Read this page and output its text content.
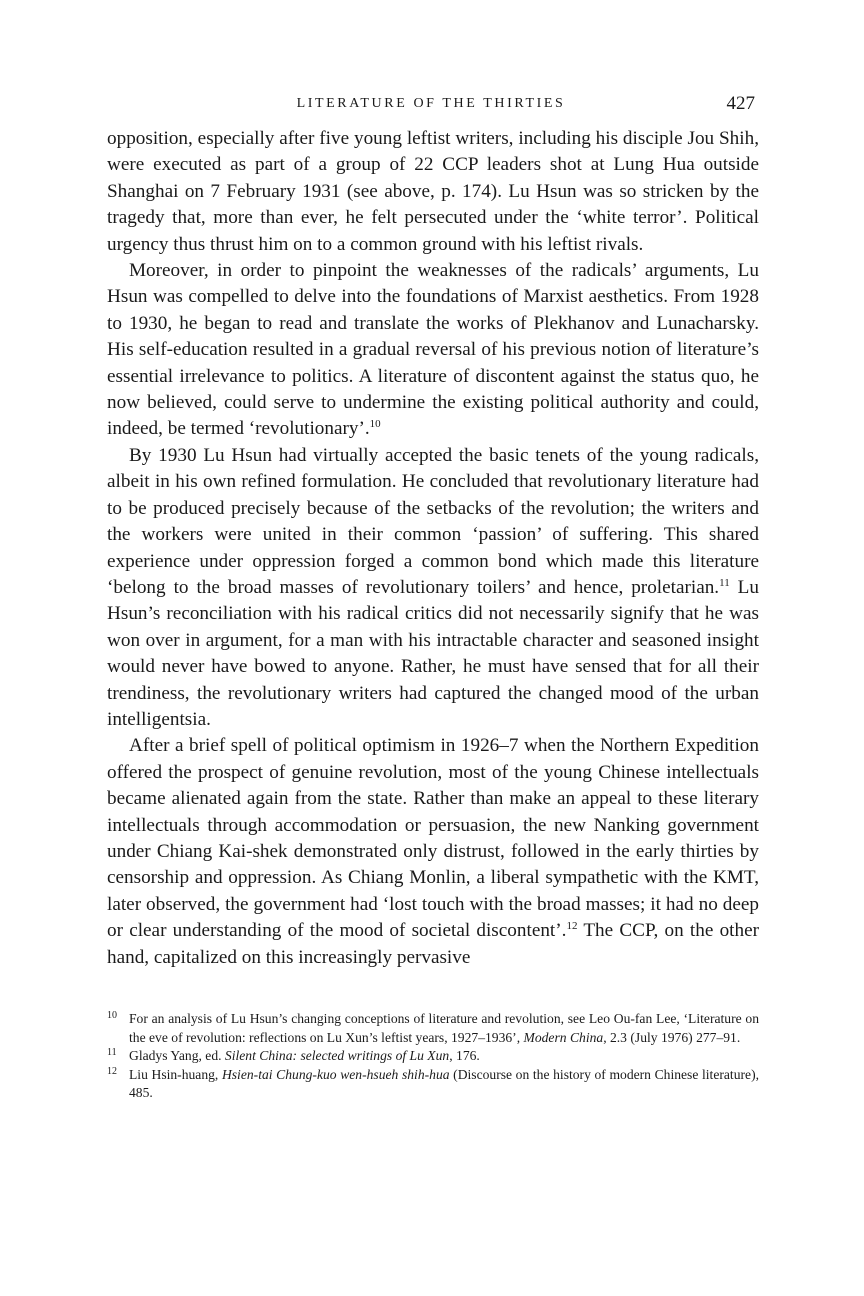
LITERATURE OF THE THIRTIES	427

opposition, especially after five young leftist writers, including his disciple Jou Shih, were executed as part of a group of 22 CCP leaders shot at Lung Hua outside Shanghai on 7 February 1931 (see above, p. 174). Lu Hsun was so stricken by the tragedy that, more than ever, he felt persecuted under the ‘white terror’. Political urgency thus thrust him on to a common ground with his leftist rivals.

Moreover, in order to pinpoint the weaknesses of the radicals’ arguments, Lu Hsun was compelled to delve into the foundations of Marxist aesthetics. From 1928 to 1930, he began to read and translate the works of Plekhanov and Lunacharsky. His self-education resulted in a gradual reversal of his previous notion of literature’s essential irrelevance to politics. A literature of discontent against the status quo, he now believed, could serve to undermine the existing political authority and could, indeed, be termed ‘revolutionary’.$^{10}$

By 1930 Lu Hsun had virtually accepted the basic tenets of the young radicals, albeit in his own refined formulation. He concluded that revolutionary literature had to be produced precisely because of the setbacks of the revolution; the writers and the workers were united in their common ‘passion’ of suffering. This shared experience under oppression forged a common bond which made this literature ‘belong to the broad masses of revolutionary toilers’ and hence, proletarian.$^{11}$ Lu Hsun’s reconciliation with his radical critics did not necessarily signify that he was won over in argument, for a man with his intractable character and seasoned insight would never have bowed to anyone. Rather, he must have sensed that for all their trendiness, the revolutionary writers had captured the changed mood of the urban intelligentsia.

After a brief spell of political optimism in 1926–7 when the Northern Expedition offered the prospect of genuine revolution, most of the young Chinese intellectuals became alienated again from the state. Rather than make an appeal to these literary intellectuals through accommodation or persuasion, the new Nanking government under Chiang Kai-shek demonstrated only distrust, followed in the early thirties by censorship and oppression. As Chiang Monlin, a liberal sympathetic with the KMT, later observed, the government had ‘lost touch with the broad masses; it had no deep or clear understanding of the mood of societal discontent’.$^{12}$ The CCP, on the other hand, capitalized on this increasingly pervasive

10 For an analysis of Lu Hsun’s changing conceptions of literature and revolution, see Leo Ou-fan Lee, ‘Literature on the eve of revolution: reflections on Lu Xun’s leftist years, 1927–1936’, Modern China, 2.3 (July 1976) 277–91.
11 Gladys Yang, ed. Silent China: selected writings of Lu Xun, 176.
12 Liu Hsin-huang, Hsien-tai Chung-kuo wen-hsueh shih-hua (Discourse on the history of modern Chinese literature), 485.
